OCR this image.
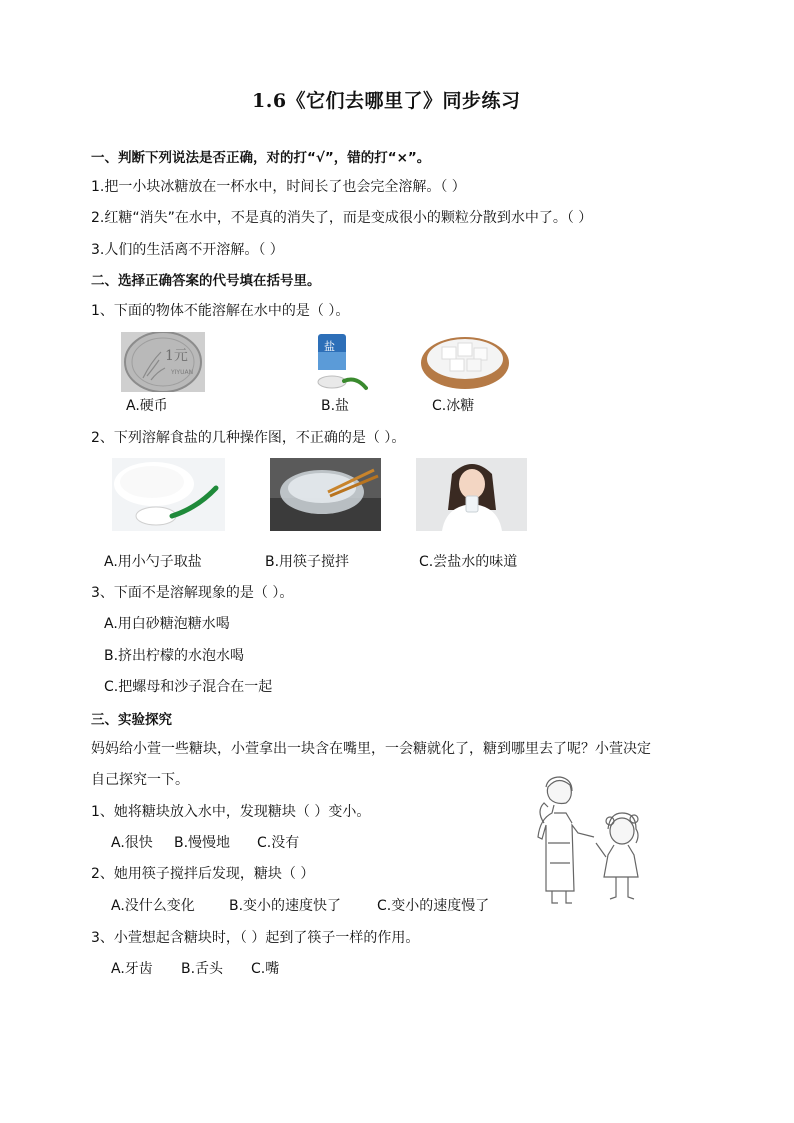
1.6《它们去哪里了》同步练习
一、判断下列说法是否正确，对的打“√”，错的打“×”。
1.把一小块冰糖放在一杯水中，时间长了也会完全溶解。（ ）
2.红糖“消失”在水中，不是真的消失了，而是变成很小的颗粒分散到水中了。（ ）
3.人们的生活离不开溶解。（ ）
二、选择正确答案的代号填在括号里。
1、下面的物体不能溶解在水中的是（ ）。
1元
YIYUAN
盐
A.硬币	B.盐	C.冰糖
2、下列溶解食盐的几种操作图，不正确的是（ ）。
A.用小勺子取盐	B.用筷子搅拌	C.尝盐水的味道
3、下面不是溶解现象的是（ ）。
A.用白砂糖泡糖水喝
B.挤出柠檬的水泡水喝
C.把螺母和沙子混合在一起
三、实验探究
妈妈给小萱一些糖块，小萱拿出一块含在嘴里，一会糖就化了，糖到哪里去了呢？小萱决定
自己探究一下。
1、她将糖块放入水中，发现糖块（ ）变小。
A.很快 B.慢慢地 C.没有
2、她用筷子搅拌后发现，糖块（ ）
A.没什么变化 B.变小的速度快了	C.变小的速度慢了
3、小萱想起含糖块时，（ ）起到了筷子一样的作用。
A.牙齿 B.舌头 C.嘴
